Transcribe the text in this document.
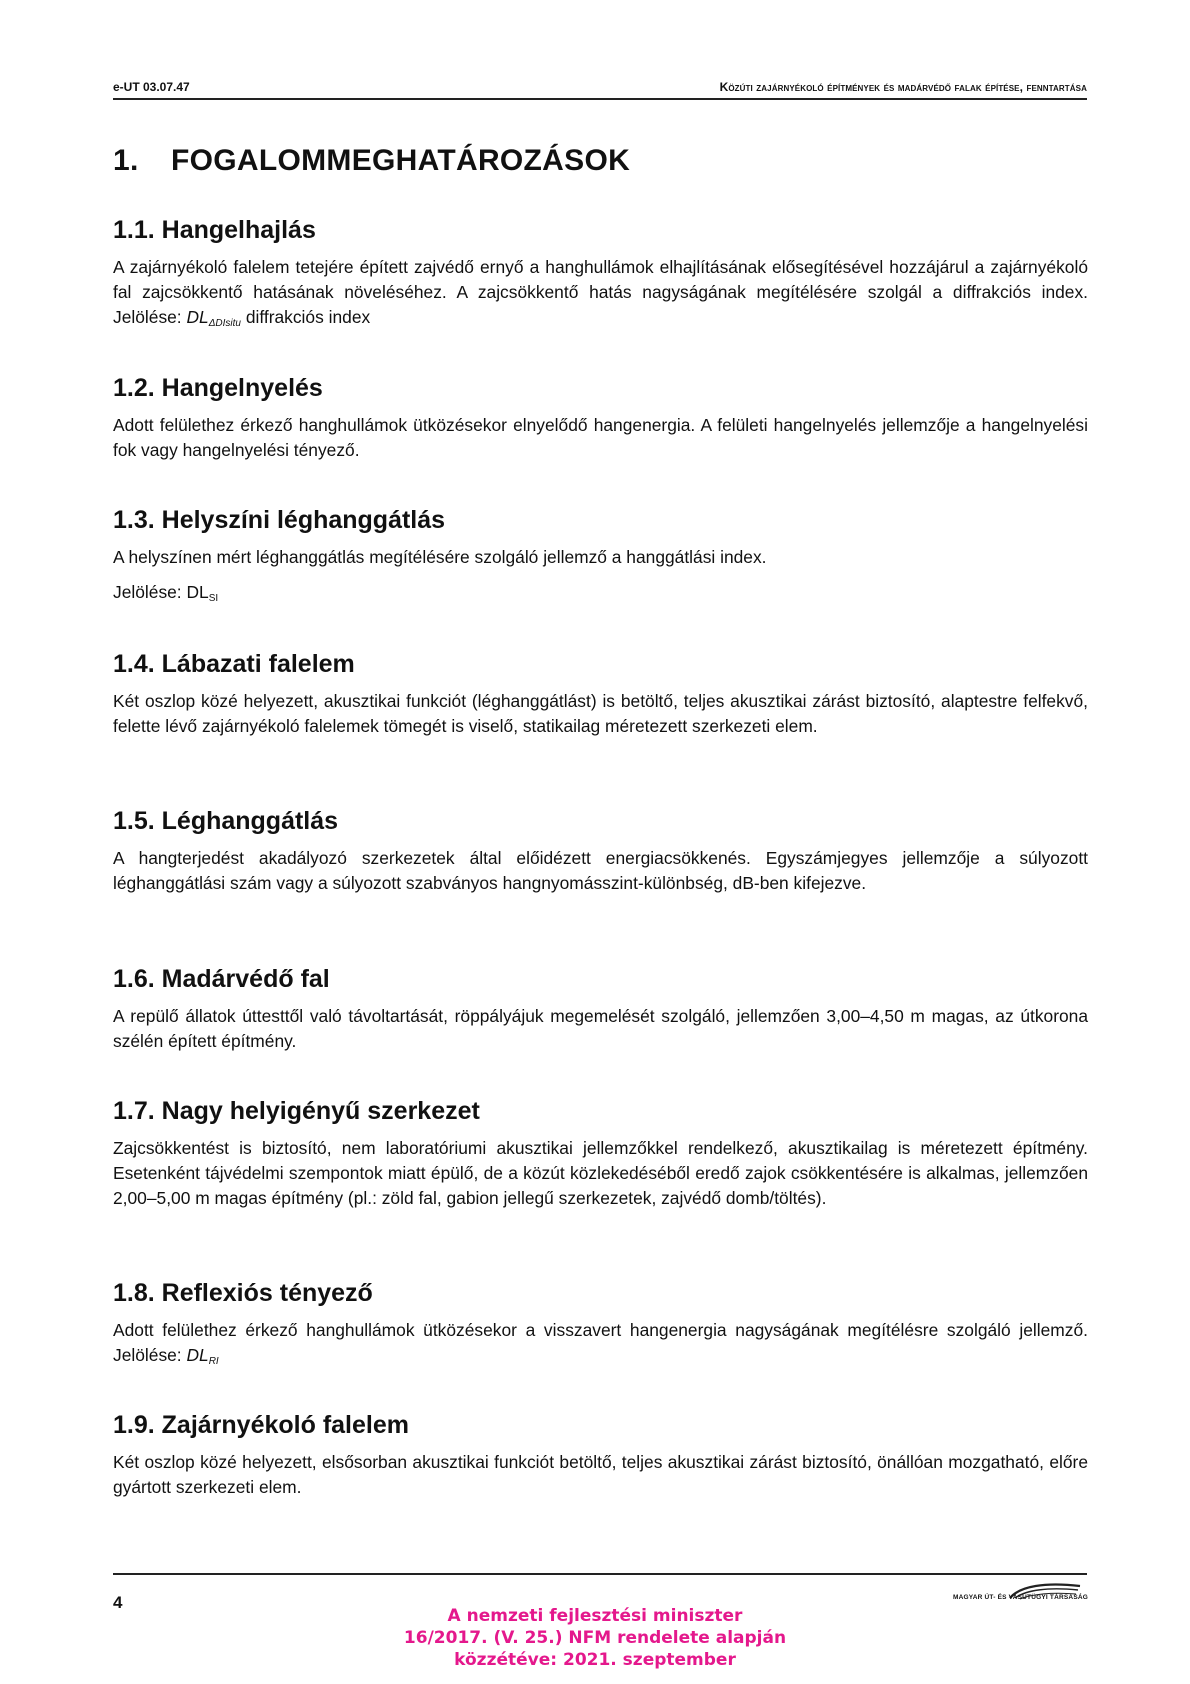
e-UT 03.07.47	Közúti zajárnyékoló építmények és madárvédő falak építése, fenntartása
1. FOGALOMMEGHATÁROZÁSOK
1.1. Hangelhajlás

A zajárnyékoló falelem tetejére épített zajvédő ernyő a hanghullámok elhajlításának elősegítésével hozzájárul a zajárnyékoló fal zajcsökkentő hatásának növeléséhez. A zajcsökkentő hatás nagyságának megítélésére szolgál a diffrakciós index. Jelölése: $DL_{\Delta DIsitu}$ diffrakciós index

1.2. Hangelnyelés

Adott felülethez érkező hanghullámok ütközésekor elnyelődő hangenergia. A felületi hangelnyelés jellemzője a hangelnyelési fok vagy hangelnyelési tényező.

1.3. Helyszíni léghanggátlás

A helyszínen mért léghanggátlás megítélésére szolgáló jellemző a hanggátlási index.

Jelölése: $DL_{SI}$

1.4. Lábazati falelem

Két oszlop közé helyezett, akusztikai funkciót (léghanggátlást) is betöltő, teljes akusztikai zárást biztosító, alaptestre felfekvő, felette lévő zajárnyékoló falelemek tömegét is viselő, statikailag méretezett szerkezeti elem.

1.5. Léghanggátlás

A hangterjedést akadályozó szerkezetek által előidézett energiacsökkenés. Egyszámjegyes jellemzője a súlyozott léghanggátlási szám vagy a súlyozott szabványos hangnyomásszint-különbség, dB-ben kifejezve.

1.6. Madárvédő fal

A repülő állatok úttesttől való távoltartását, röppályájuk megemelését szolgáló, jellemzően 3,00–4,50 m magas, az útkorona szélén épített építmény.

1.7. Nagy helyigényű szerkezet

Zajcsökkentést is biztosító, nem laboratóriumi akusztikai jellemzőkkel rendelkező, akusztikailag is méretezett építmény. Esetenként tájvédelmi szempontok miatt épülő, de a közút közlekedéséből eredő zajok csökkentésére is alkalmas, jellemzően 2,00–5,00 m magas építmény (pl.: zöld fal, gabion jellegű szerkezetek, zajvédő domb/töltés).

1.8. Reflexiós tényező

Adott felülethez érkező hanghullámok ütközésekor a visszavert hangenergia nagyságának megítélésre szolgáló jellemző. Jelölése: $DL_{RI}$

1.9. Zajárnyékoló falelem

Két oszlop közé helyezett, elsősorban akusztikai funkciót betöltő, teljes akusztikai zárást biztosító, önállóan mozgatható, előre gyártott szerkezeti elem.

4	MAGYAR ÚT- ÉS VASÚTÜGYI TÁRSASÁG
A nemzeti fejlesztési miniszter
16/2017. (V. 25.) NFM rendelete alapján
közzétéve: 2021. szeptember
